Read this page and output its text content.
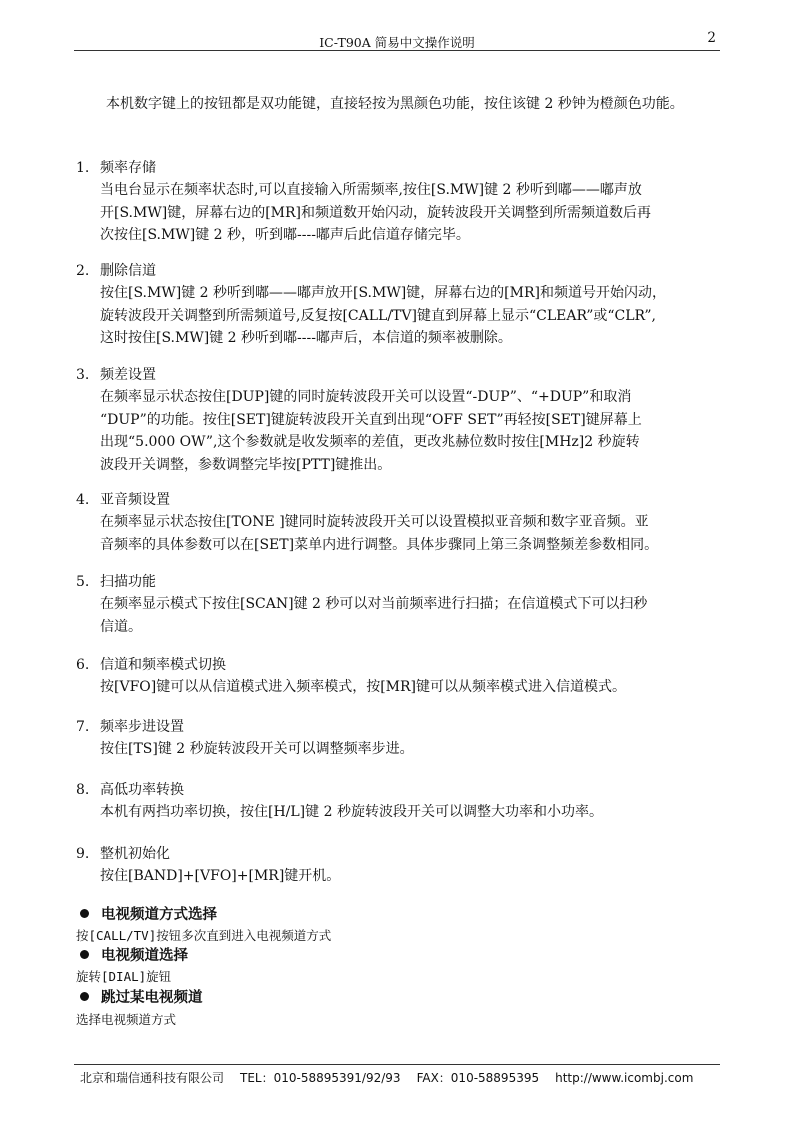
IC-T90A 简易中文操作说明	2

本机数字键上的按钮都是双功能键，直接轻按为黑颜色功能，按住该键 2 秒钟为橙颜色功能。

1. 频率存储
当电台显示在频率状态时,可以直接输入所需频率,按住[S.MW]键 2 秒听到嘟——嘟声放
开[S.MW]键，屏幕右边的[MR]和频道数开始闪动，旋转波段开关调整到所需频道数后再
次按住[S.MW]键 2 秒，听到嘟----嘟声后此信道存储完毕。
2. 删除信道
按住[S.MW]键 2 秒听到嘟——嘟声放开[S.MW]键，屏幕右边的[MR]和频道号开始闪动，
旋转波段开关调整到所需频道号,反复按[CALL/TV]键直到屏幕上显示“CLEAR”或“CLR”,
这时按住[S.MW]键 2 秒听到嘟----嘟声后，本信道的频率被删除。
3. 频差设置
在频率显示状态按住[DUP]键的同时旋转波段开关可以设置“-DUP”、“+DUP”和取消
“DUP”的功能。按住[SET]键旋转波段开关直到出现“OFF SET”再轻按[SET]键屏幕上
出现“5.000 OW”,这个参数就是收发频率的差值，更改兆赫位数时按住[MHz]2 秒旋转
波段开关调整，参数调整完毕按[PTT]键推出。
4. 亚音频设置
在频率显示状态按住[TONE ]键同时旋转波段开关可以设置模拟亚音频和数字亚音频。亚
音频率的具体参数可以在[SET]菜单内进行调整。具体步骤同上第三条调整频差参数相同。
5. 扫描功能
在频率显示模式下按住[SCAN]键 2 秒可以对当前频率进行扫描；在信道模式下可以扫秒
信道。
6. 信道和频率模式切换
按[VFO]键可以从信道模式进入频率模式，按[MR]键可以从频率模式进入信道模式。
7. 频率步进设置
按住[TS]键 2 秒旋转波段开关可以调整频率步进。
8. 高低功率转换
本机有两挡功率切换，按住[H/L]键 2 秒旋转波段开关可以调整大功率和小功率。
9. 整机初始化
按住[BAND]+[VFO]+[MR]键开机。
电视频道方式选择
按[CALL/TV]按钮多次直到进入电视频道方式
电视频道选择
旋转[DIAL]旋钮
跳过某电视频道
选择电视频道方式
北京和瑞信通科技有限公司 TEL：010-58895391/92/93 FAX：010-58895395 http://www.icombj.com
